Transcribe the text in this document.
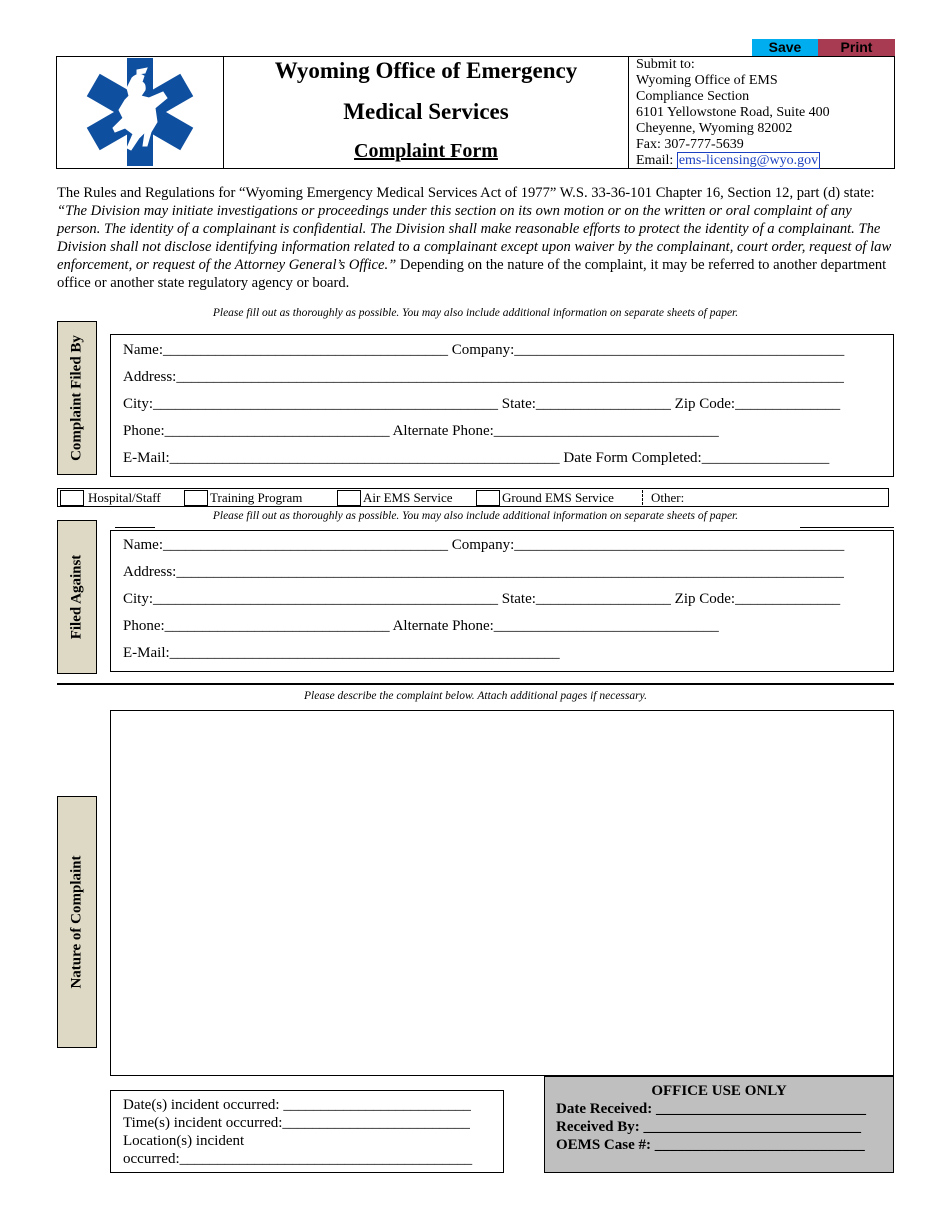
Save	Print
Wyoming Office of Emergency
Medical Services
Complaint Form
Submit to:
Wyoming Office of EMS
Compliance Section
6101 Yellowstone Road, Suite 400
Cheyenne, Wyoming 82002
Fax: 307-777-5639
Email: ems-licensing@wyo.gov
The Rules and Regulations for “Wyoming Emergency Medical Services Act of 1977” W.S. 33-36-101 Chapter 16, Section 12, part (d) state: “The Division may initiate investigations or proceedings under this section on its own motion or on the written or oral complaint of any person. The identity of a complainant is confidential. The Division shall make reasonable efforts to protect the identity of a complainant. The Division shall not disclose identifying information related to a complainant except upon waiver by the complainant, court order, request of law enforcement, or request of the Attorney General’s Office.” Depending on the nature of the complaint, it may be referred to another department office or another state regulatory agency or board.
Please fill out as thoroughly as possible. You may also include additional information on separate sheets of paper.
Complaint Filed By	Name:______________________________________ Company:____________________________________________
Address:_________________________________________________________________________________________
City:______________________________________________ State:__________________ Zip Code:______________
Phone:______________________________ Alternate Phone:______________________________
E-Mail:____________________________________________________ Date Form Completed:_________________
Hospital/Staff	Training Program	Air EMS Service	Ground EMS Service	Other:
Please fill out as thoroughly as possible. You may also include additional information on separate sheets of paper.
Filed Against
Name:______________________________________ Company:____________________________________________
Address:_________________________________________________________________________________________
City:______________________________________________ State:__________________ Zip Code:______________
Phone:______________________________ Alternate Phone:______________________________
E-Mail:____________________________________________________
Please describe the complaint below. Attach additional pages if necessary.
Nature of Complaint
Date(s) incident occurred: _________________________
Time(s) incident occurred:_________________________
Location(s) incident
occurred:_______________________________________
OFFICE USE ONLY
Date Received: ____________________________
Received By: _____________________________
OEMS Case #: ____________________________
